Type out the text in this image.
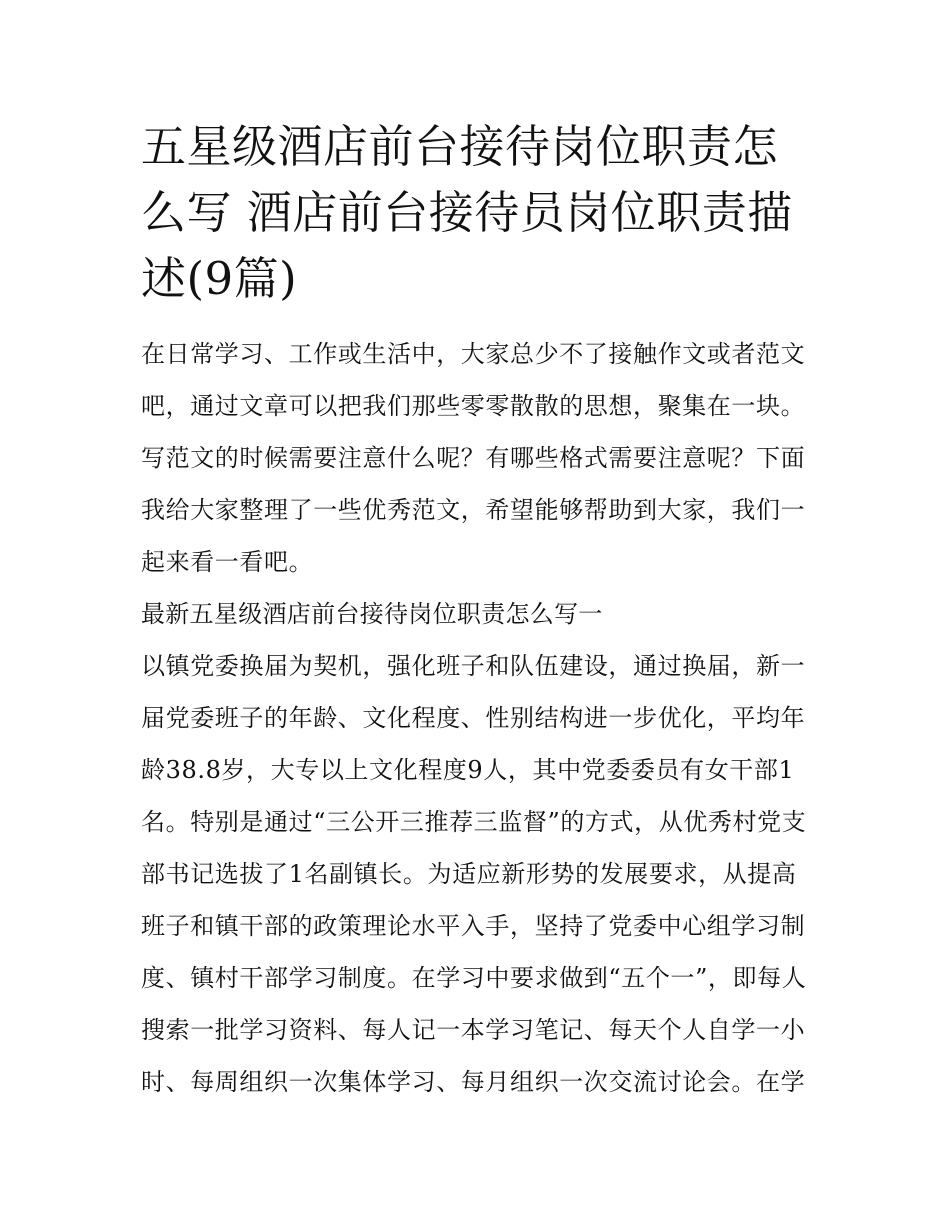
五星级酒店前台接待岗位职责怎么写 酒店前台接待员岗位职责描述(9篇)

在日常学习、工作或生活中，大家总少不了接触作文或者范文吧，通过文章可以把我们那些零零散散的思想，聚集在一块。写范文的时候需要注意什么呢？有哪些格式需要注意呢？下面我给大家整理了一些优秀范文，希望能够帮助到大家，我们一起来看一看吧。

最新五星级酒店前台接待岗位职责怎么写一

以镇党委换届为契机，强化班子和队伍建设，通过换届，新一届党委班子的年龄、文化程度、性别结构进一步优化，平均年龄38.8岁，大专以上文化程度9人，其中党委委员有女干部1名。特别是通过“三公开三推荐三监督”的方式，从优秀村党支部书记选拔了1名副镇长。为适应新形势的发展要求，从提高班子和镇干部的政策理论水平入手，坚持了党委中心组学习制度、镇村干部学习制度。在学习中要求做到“五个一”，即每人搜索一批学习资料、每人记一本学习笔记、每天个人自学一小时、每周组织一次集体学习、每月组织一次交流讨论会。在学
